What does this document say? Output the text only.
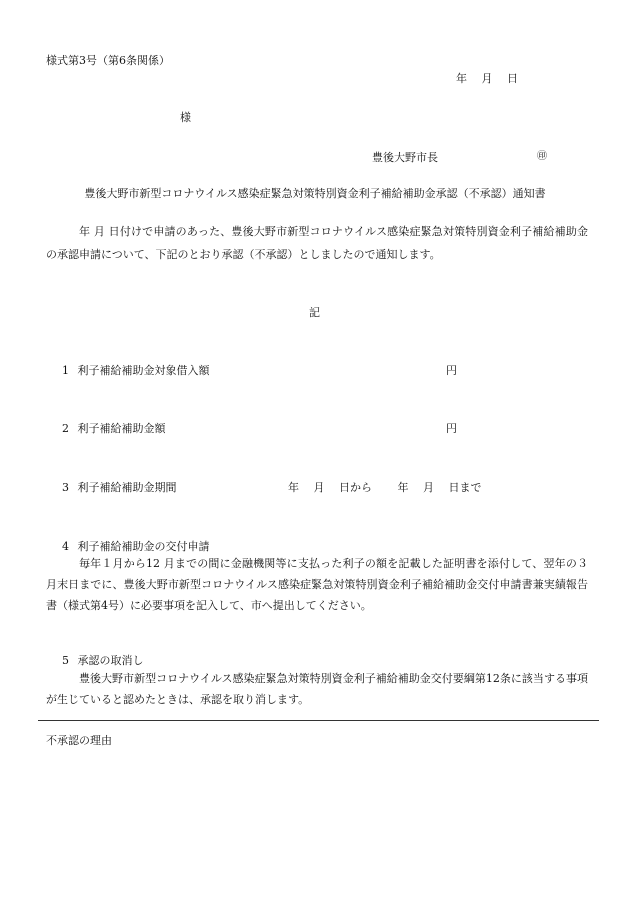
様式第3号（第6条関係）
年　 月　 日
様
豊後大野市長	㊞
豊後大野市新型コロナウイルス感染症緊急対策特別資金利子補給補助金承認（不承認）通知書
年 月 日付けで申請のあった、豊後大野市新型コロナウイルス感染症緊急対策特別資金利子補給補助金の承認申請について、下記のとおり承認（不承認）としましたので通知します。
記
1 利子補給補助金対象借入額	円
2 利子補給補助金額	円
3 利子補給補助金期間	年　 月　 日から　　 年　 月　 日まで
4 利子補給補助金の交付申請
毎年１月から12 月までの間に金融機関等に支払った利子の額を記載した証明書を添付して、翌年の３月末日までに、豊後大野市新型コロナウイルス感染症緊急対策特別資金利子補給補助金交付申請書兼実績報告書（様式第4号）に必要事項を記入して、市へ提出してください。
5 承認の取消し
豊後大野市新型コロナウイルス感染症緊急対策特別資金利子補給補助金交付要綱第12条に該当する事項が生じていると認めたときは、承認を取り消します。
不承認の理由
